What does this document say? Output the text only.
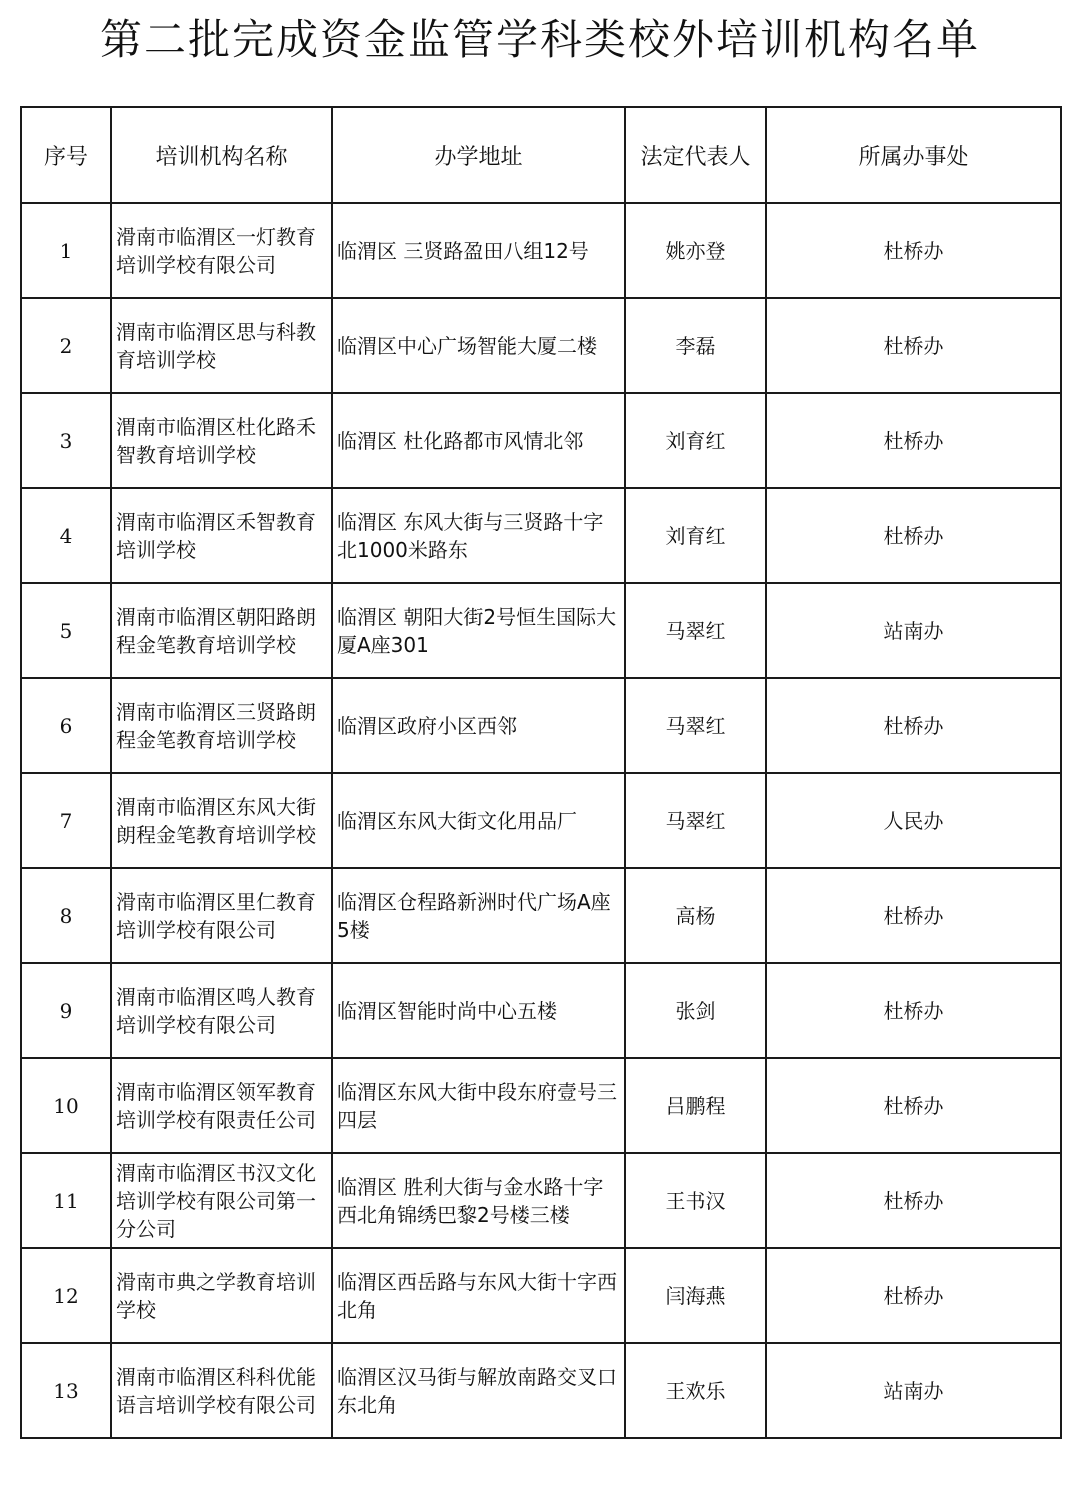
第二批完成资金监管学科类校外培训机构名单
序号	培训机构名称	办学地址	法定代表人	所属办事处
1	滑南市临渭区一灯教育培训学校有限公司	临渭区 三贤路盈田八组12号	姚亦登	杜桥办
2	渭南市临渭区思与科教育培训学校	临渭区中心广场智能大厦二楼	李磊	杜桥办
3	渭南市临渭区杜化路禾智教育培训学校	临渭区 杜化路都市风情北邻	刘育红	杜桥办
4	渭南市临渭区禾智教育培训学校	临渭区 东风大街与三贤路十字北1000米路东	刘育红	杜桥办
5	渭南市临渭区朝阳路朗程金笔教育培训学校	临渭区 朝阳大街2号恒生国际大厦A座301	马翠红	站南办
6	渭南市临渭区三贤路朗程金笔教育培训学校	临渭区政府小区西邻	马翠红	杜桥办
7	渭南市临渭区东风大街朗程金笔教育培训学校	临渭区东风大街文化用品厂	马翠红	人民办
8	滑南市临渭区里仁教育培训学校有限公司	临渭区仓程路新洲时代广场A座5楼	高杨	杜桥办
9	渭南市临渭区鸣人教育培训学校有限公司	临渭区智能时尚中心五楼	张剑	杜桥办
10	渭南市临渭区领军教育培训学校有限责任公司	临渭区东风大街中段东府壹号三四层	吕鹏程	杜桥办
11	渭南市临渭区书汉文化培训学校有限公司第一分公司	临渭区 胜利大街与金水路十字西北角锦绣巴黎2号楼三楼	王书汉	杜桥办
12	滑南市典之学教育培训学校	临渭区西岳路与东风大街十字西北角	闫海燕	杜桥办
13	渭南市临渭区科科优能语言培训学校有限公司	临渭区汉马街与解放南路交叉口东北角	王欢乐	站南办
